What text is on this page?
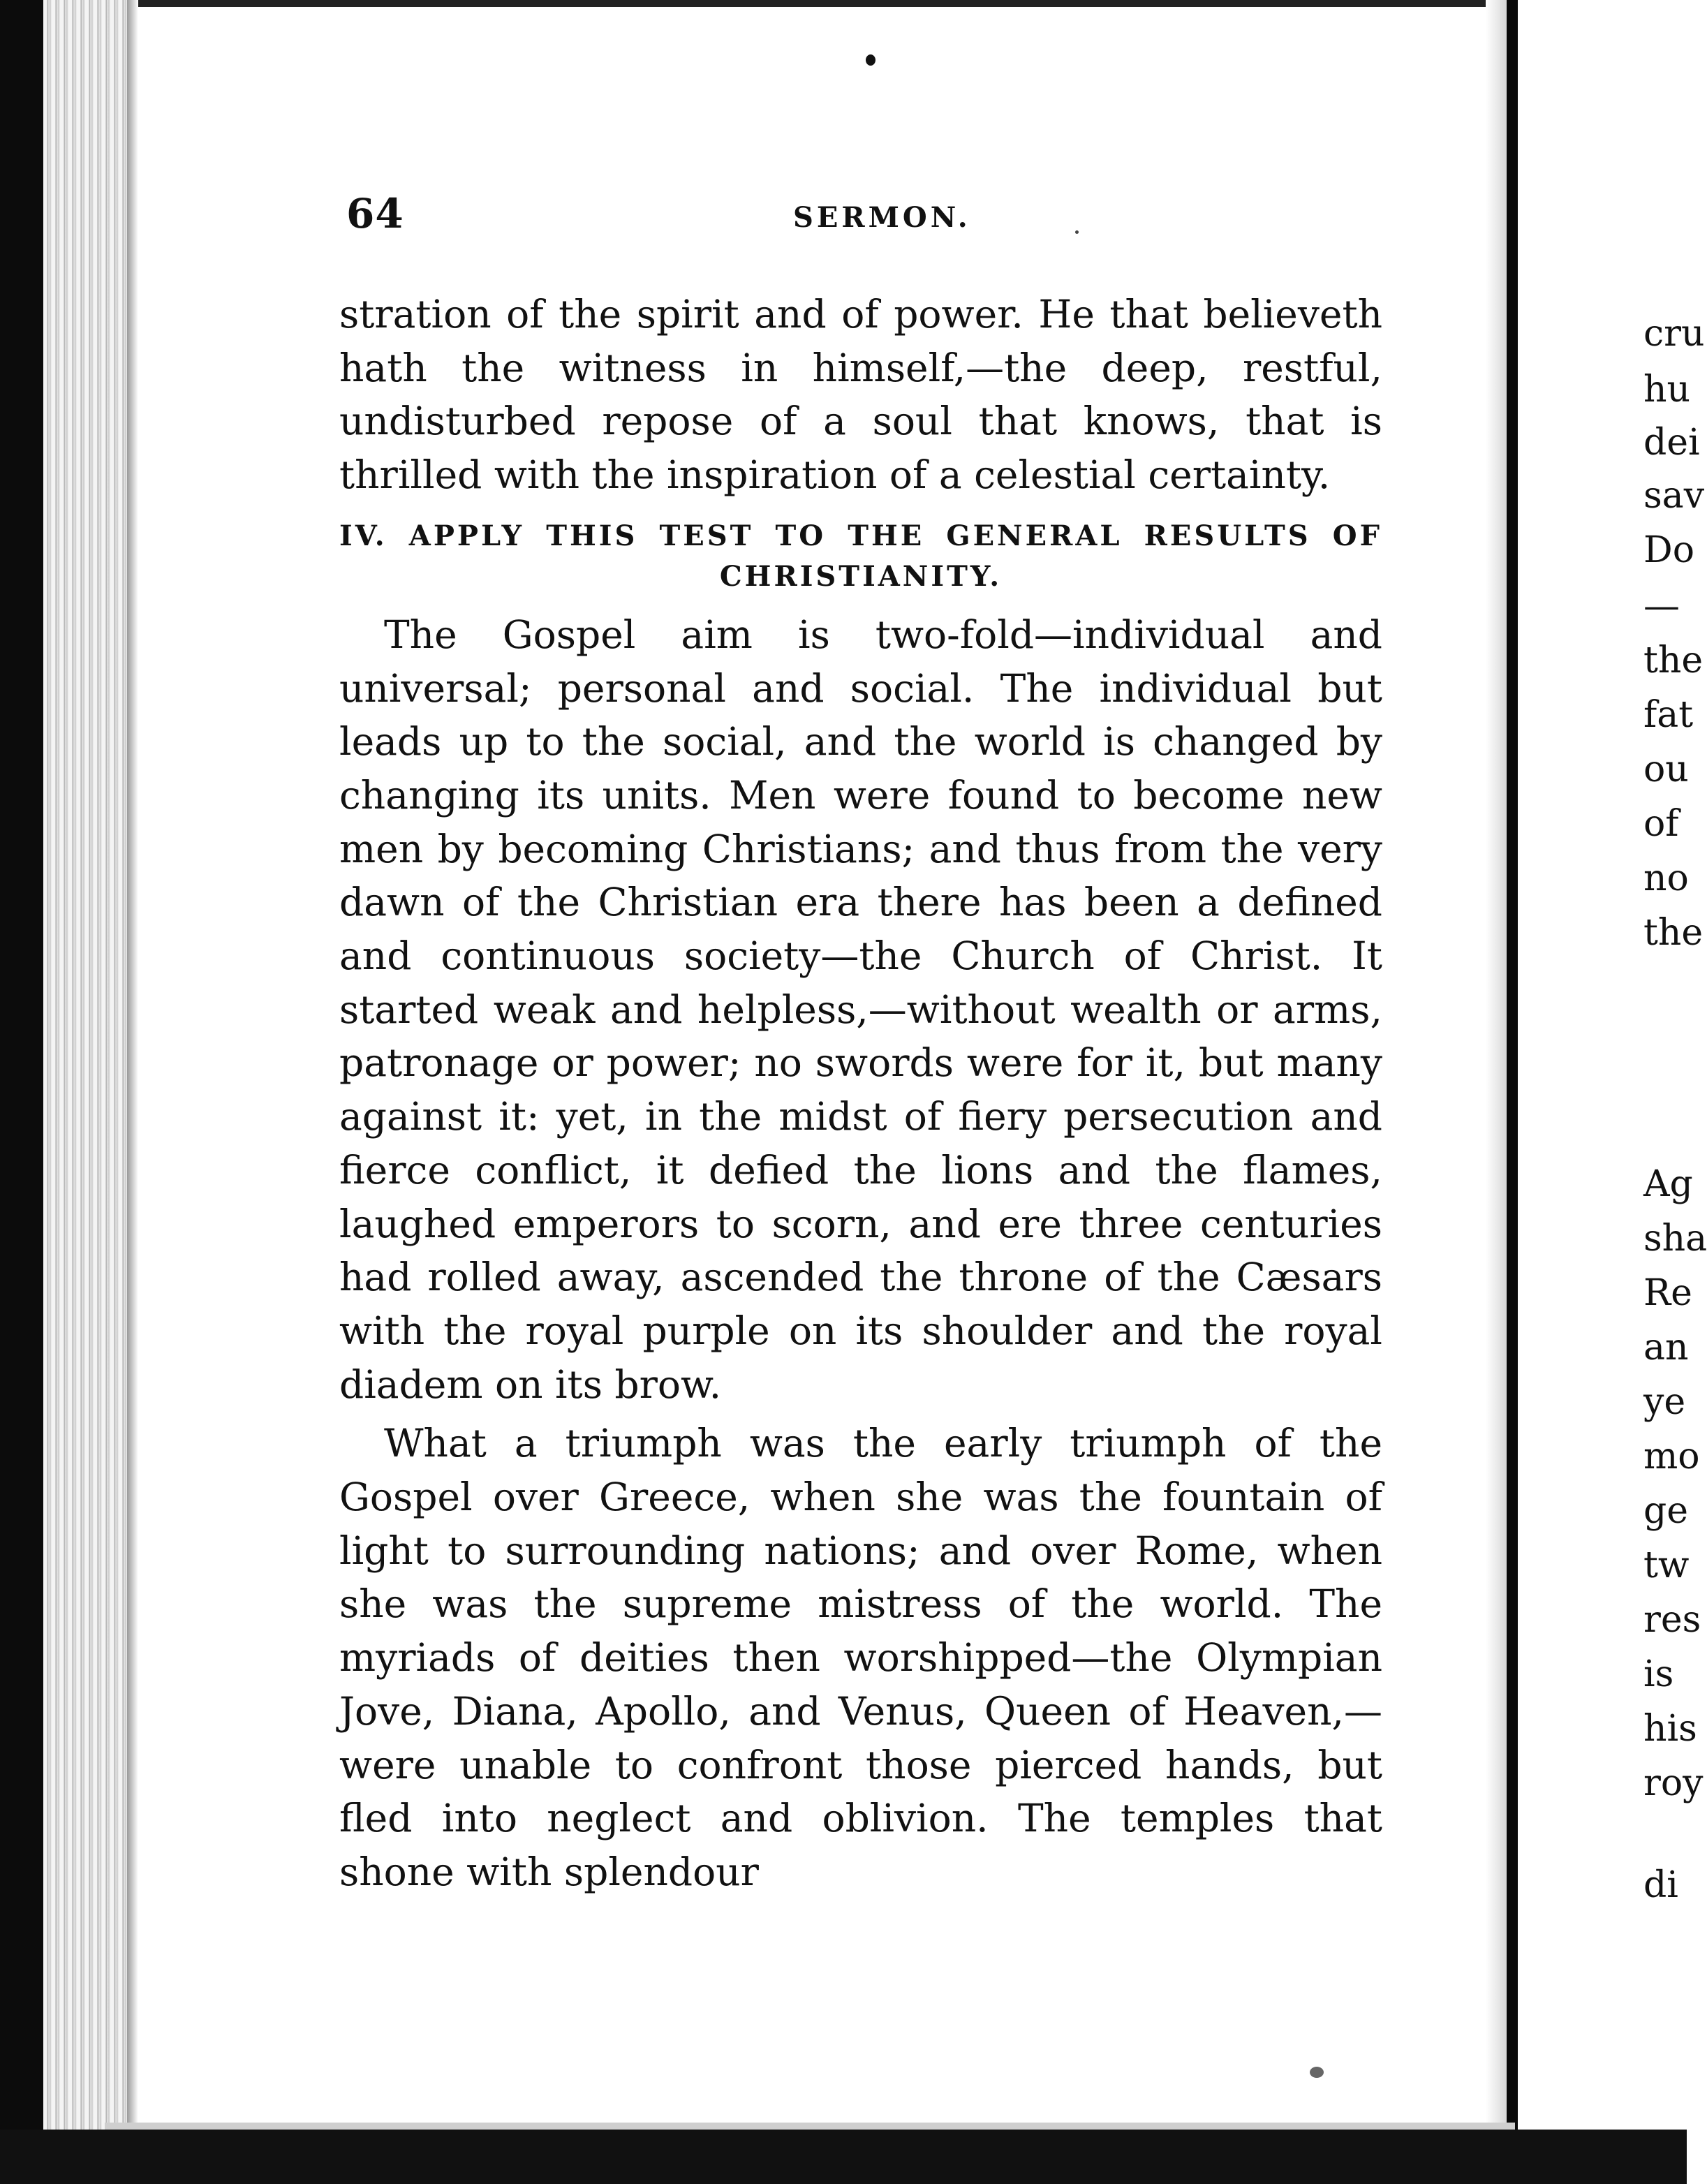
64	SERMON.

stration of the spirit and of power. He that believeth hath the witness in himself,—the deep, restful, undisturbed repose of a soul that knows, that is thrilled with the inspiration of a celestial certainty.

IV. APPLY THIS TEST TO THE GENERAL RESULTS OF
CHRISTIANITY.

The Gospel aim is two-fold—individual and universal; personal and social. The individual but leads up to the social, and the world is changed by changing its units. Men were found to become new men by becoming Christians; and thus from the very dawn of the Christian era there has been a defined and continuous society—the Church of Christ. It started weak and helpless,—without wealth or arms, patronage or power; no swords were for it, but many against it: yet, in the midst of fiery persecution and fierce conflict, it defied the lions and the flames, laughed emperors to scorn, and ere three centuries had rolled away, ascended the throne of the Cæsars with the royal purple on its shoulder and the royal diadem on its brow.

What a triumph was the early triumph of the Gospel over Greece, when she was the fountain of light to surrounding nations; and over Rome, when she was the supreme mistress of the world. The myriads of deities then worshipped—the Olympian Jove, Diana, Apollo, and Venus, Queen of Heaven,—were unable to confront those pierced hands, but fled into neglect and oblivion. The temples that shone with splendour

cru
hu
dei
sav
Do
—
the
fat
ou
of
no
the
Ag
sha
Re
an
ye
mo
ge
tw
res
is
his
roy
di
